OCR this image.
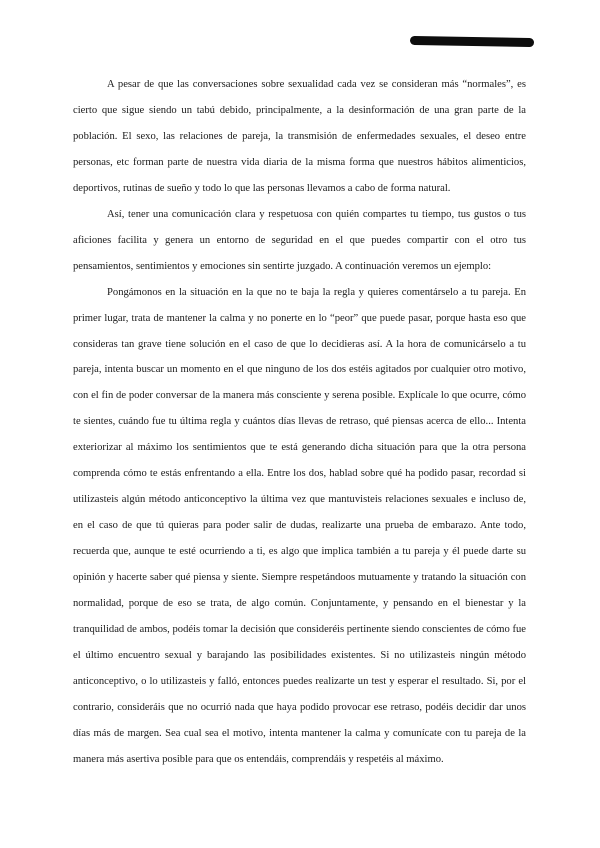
A pesar de que las conversaciones sobre sexualidad cada vez se consideran más “normales”, es cierto que sigue siendo un tabú debido, principalmente, a la desinformación de una gran parte de la población. El sexo, las relaciones de pareja, la transmisión de enfermedades sexuales, el deseo entre personas, etc forman parte de nuestra vida diaria de la misma forma que nuestros hábitos alimenticios, deportivos, rutinas de sueño y todo lo que las personas llevamos a cabo de forma natural.

Así, tener una comunicación clara y respetuosa con quién compartes tu tiempo, tus gustos o tus aficiones facilita y genera un entorno de seguridad en el que puedes compartir con el otro tus pensamientos, sentimientos y emociones sin sentirte juzgado. A continuación veremos un ejemplo:

Pongámonos en la situación en la que no te baja la regla y quieres comentárselo a tu pareja. En primer lugar, trata de mantener la calma y no ponerte en lo “peor” que puede pasar, porque hasta eso que consideras tan grave tiene solución en el caso de que lo decidieras así. A la hora de comunicárselo a tu pareja, intenta buscar un momento en el que ninguno de los dos estéis agitados por cualquier otro motivo, con el fin de poder conversar de la manera más consciente y serena posible. Explícale lo que ocurre, cómo te sientes, cuándo fue tu última regla y cuántos días llevas de retraso, qué piensas acerca de ello... Intenta exteriorizar al máximo los sentimientos que te está generando dicha situación para que la otra persona comprenda cómo te estás enfrentando a ella. Entre los dos, hablad sobre qué ha podido pasar, recordad si utilizasteis algún método anticonceptivo la última vez que mantuvisteis relaciones sexuales e incluso de, en el caso de que tú quieras para poder salir de dudas, realizarte una prueba de embarazo. Ante todo, recuerda que, aunque te esté ocurriendo a ti, es algo que implica también a tu pareja y él puede darte su opinión y hacerte saber qué piensa y siente. Siempre respetándoos mutuamente y tratando la situación con normalidad, porque de eso se trata, de algo común. Conjuntamente, y pensando en el bienestar y la tranquilidad de ambos, podéis tomar la decisión que consideréis pertinente siendo conscientes de cómo fue el último encuentro sexual y barajando las posibilidades existentes. Si no utilizasteis ningún método anticonceptivo, o lo utilizasteis y falló, entonces puedes realizarte un test y esperar el resultado. Si, por el contrario, consideráis que no ocurrió nada que haya podido provocar ese retraso, podéis decidir dar unos días más de margen. Sea cual sea el motivo, intenta mantener la calma y comunícate con tu pareja de la manera más asertiva posible para que os entendáis, comprendáis y respetéis al máximo.
